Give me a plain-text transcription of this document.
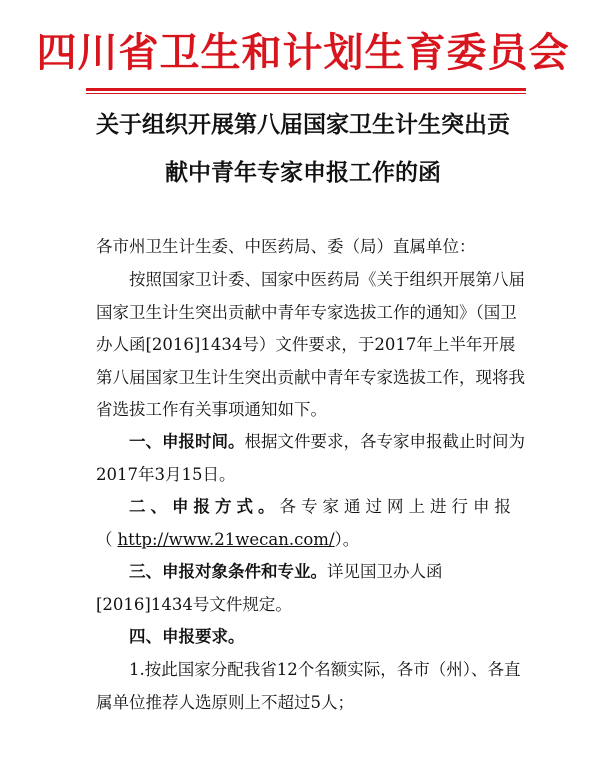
四川省卫生和计划生育委员会
关于组织开展第八届国家卫生计生突出贡
献中青年专家申报工作的函
各市州卫生计生委、中医药局、委（局）直属单位：
按照国家卫计委、国家中医药局《关于组织开展第八届国家卫生计生突出贡献中青年专家选拔工作的通知》（国卫办人函[2016]1434号）文件要求，于2017年上半年开展第八届国家卫生计生突出贡献中青年专家选拔工作，现将我省选拔工作有关事项通知如下。
一、申报时间。根据文件要求，各专家申报截止时间为2017年3月15日。
二、申报方式。各专家通过网上进行申报（http://www.21wecan.com/）。
三、申报对象条件和专业。详见国卫办人函[2016]1434号文件规定。
四、申报要求。
1.按此国家分配我省12个名额实际，各市（州）、各直属单位推荐人选原则上不超过5人；
